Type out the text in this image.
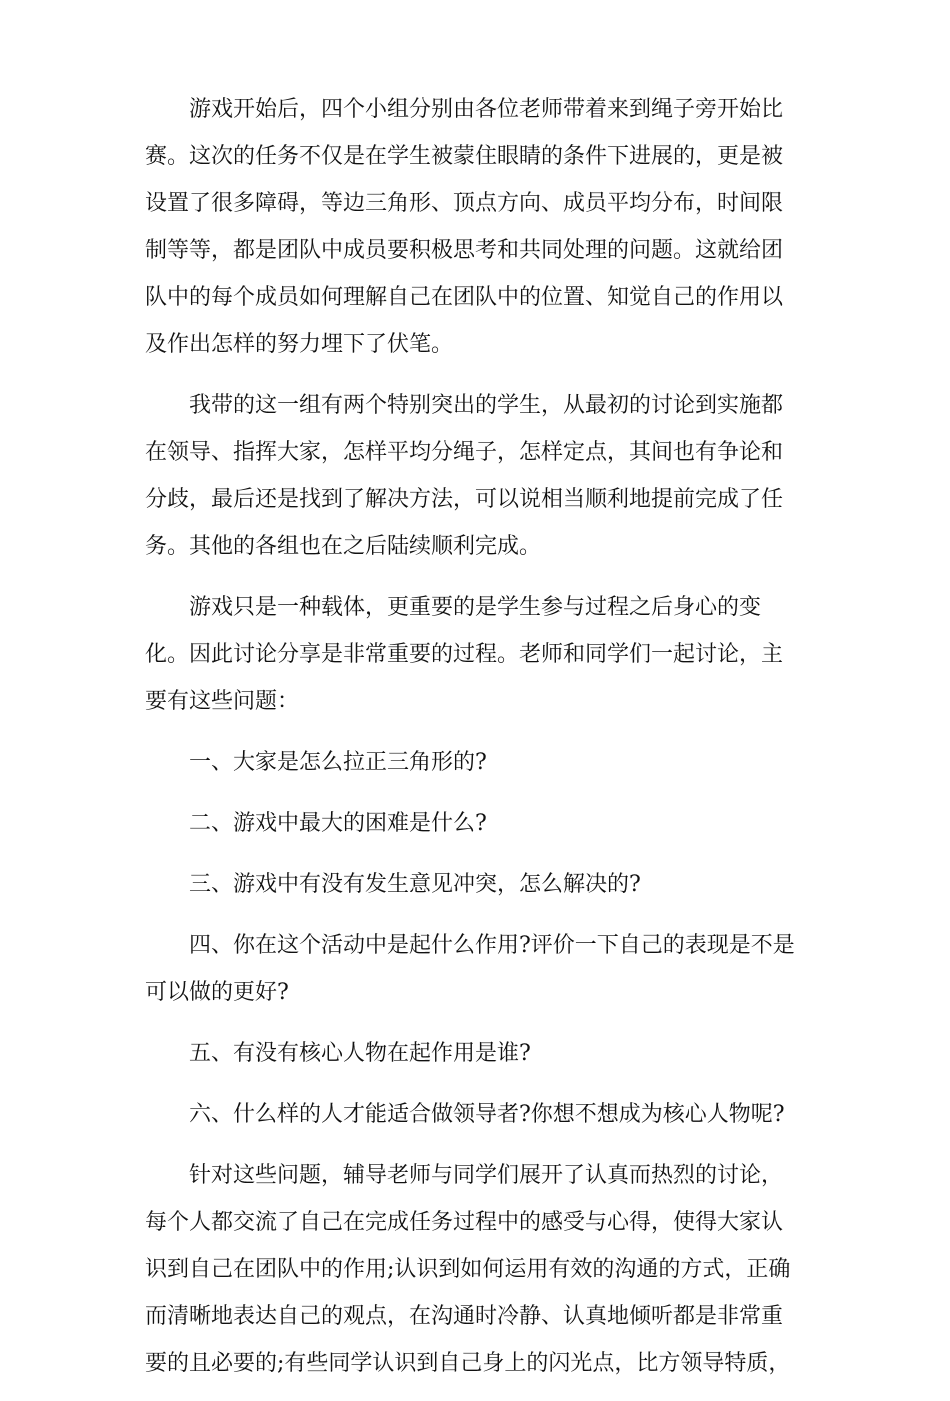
游戏开始后，四个小组分别由各位老师带着来到绳子旁开始比
赛。这次的任务不仅是在学生被蒙住眼睛的条件下进展的，更是被
设置了很多障碍，等边三角形、顶点方向、成员平均分布，时间限
制等等，都是团队中成员要积极思考和共同处理的问题。这就给团
队中的每个成员如何理解自己在团队中的位置、知觉自己的作用以
及作出怎样的努力埋下了伏笔。

我带的这一组有两个特别突出的学生，从最初的讨论到实施都
在领导、指挥大家，怎样平均分绳子，怎样定点，其间也有争论和
分歧，最后还是找到了解决方法，可以说相当顺利地提前完成了任
务。其他的各组也在之后陆续顺利完成。

游戏只是一种载体，更重要的是学生参与过程之后身心的变
化。因此讨论分享是非常重要的过程。老师和同学们一起讨论，主
要有这些问题：

一、大家是怎么拉正三角形的?

二、游戏中最大的困难是什么?

三、游戏中有没有发生意见冲突，怎么解决的?

四、你在这个活动中是起什么作用?评价一下自己的表现是不是
可以做的更好?

五、有没有核心人物在起作用是谁?

六、什么样的人才能适合做领导者?你想不想成为核心人物呢?

针对这些问题，辅导老师与同学们展开了认真而热烈的讨论，
每个人都交流了自己在完成任务过程中的感受与心得，使得大家认
识到自己在团队中的作用;认识到如何运用有效的沟通的方式，正确
而清晰地表达自己的观点，在沟通时冷静、认真地倾听都是非常重
要的且必要的;有些同学认识到自己身上的闪光点，比方领导特质，
